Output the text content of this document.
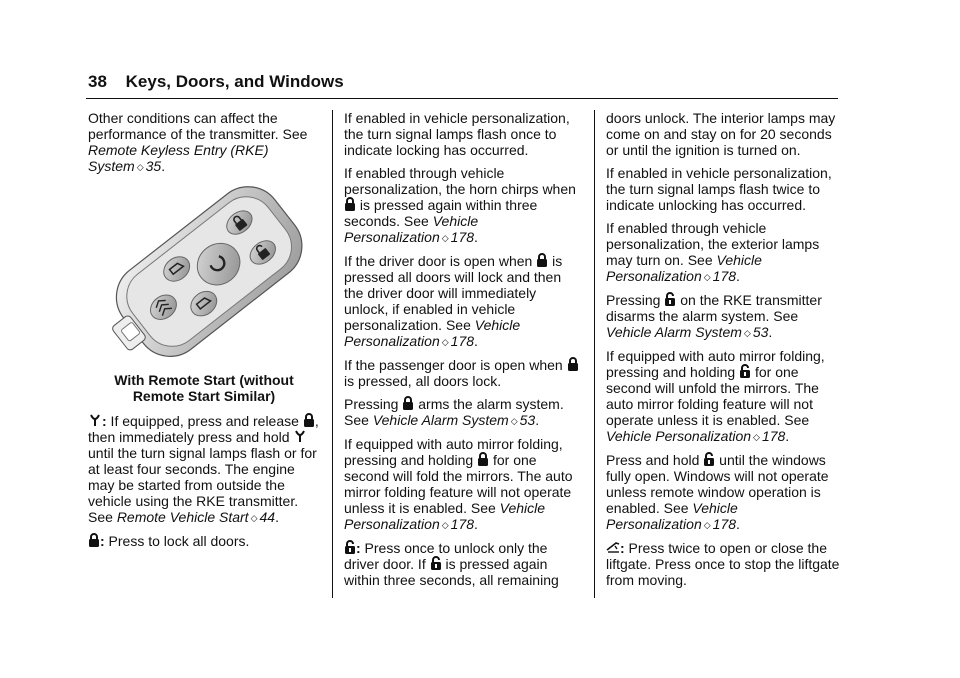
38 Keys, Doors, and Windows

Other conditions can affect the performance of the transmitter. See Remote Keyless Entry (RKE) System ◇ 35.

With Remote Start (without Remote Start Similar)

: If equipped, press and release , then immediately press and hold  until the turn signal lamps flash or for at least four seconds. The engine may be started from outside the vehicle using the RKE transmitter. See Remote Vehicle Start ◇ 44.

: Press to lock all doors.

If enabled in vehicle personalization, the turn signal lamps flash once to indicate locking has occurred.

If enabled through vehicle personalization, the horn chirps when  is pressed again within three seconds. See Vehicle Personalization ◇ 178.

If the driver door is open when  is pressed all doors will lock and then the driver door will immediately unlock, if enabled in vehicle personalization. See Vehicle Personalization ◇ 178.

If the passenger door is open when  is pressed, all doors lock.

Pressing  arms the alarm system. See Vehicle Alarm System ◇ 53.

If equipped with auto mirror folding, pressing and holding  for one second will fold the mirrors. The auto mirror folding feature will not operate unless it is enabled. See Vehicle Personalization ◇ 178.

: Press once to unlock only the driver door. If  is pressed again within three seconds, all remaining

doors unlock. The interior lamps may come on and stay on for 20 seconds or until the ignition is turned on.

If enabled in vehicle personalization, the turn signal lamps flash twice to indicate unlocking has occurred.

If enabled through vehicle personalization, the exterior lamps may turn on. See Vehicle Personalization ◇ 178.

Pressing  on the RKE transmitter disarms the alarm system. See Vehicle Alarm System ◇ 53.

If equipped with auto mirror folding, pressing and holding  for one second will unfold the mirrors. The auto mirror folding feature will not operate unless it is enabled. See Vehicle Personalization ◇ 178.

Press and hold  until the windows fully open. Windows will not operate unless remote window operation is enabled. See Vehicle Personalization ◇ 178.

: Press twice to open or close the liftgate. Press once to stop the liftgate from moving.
